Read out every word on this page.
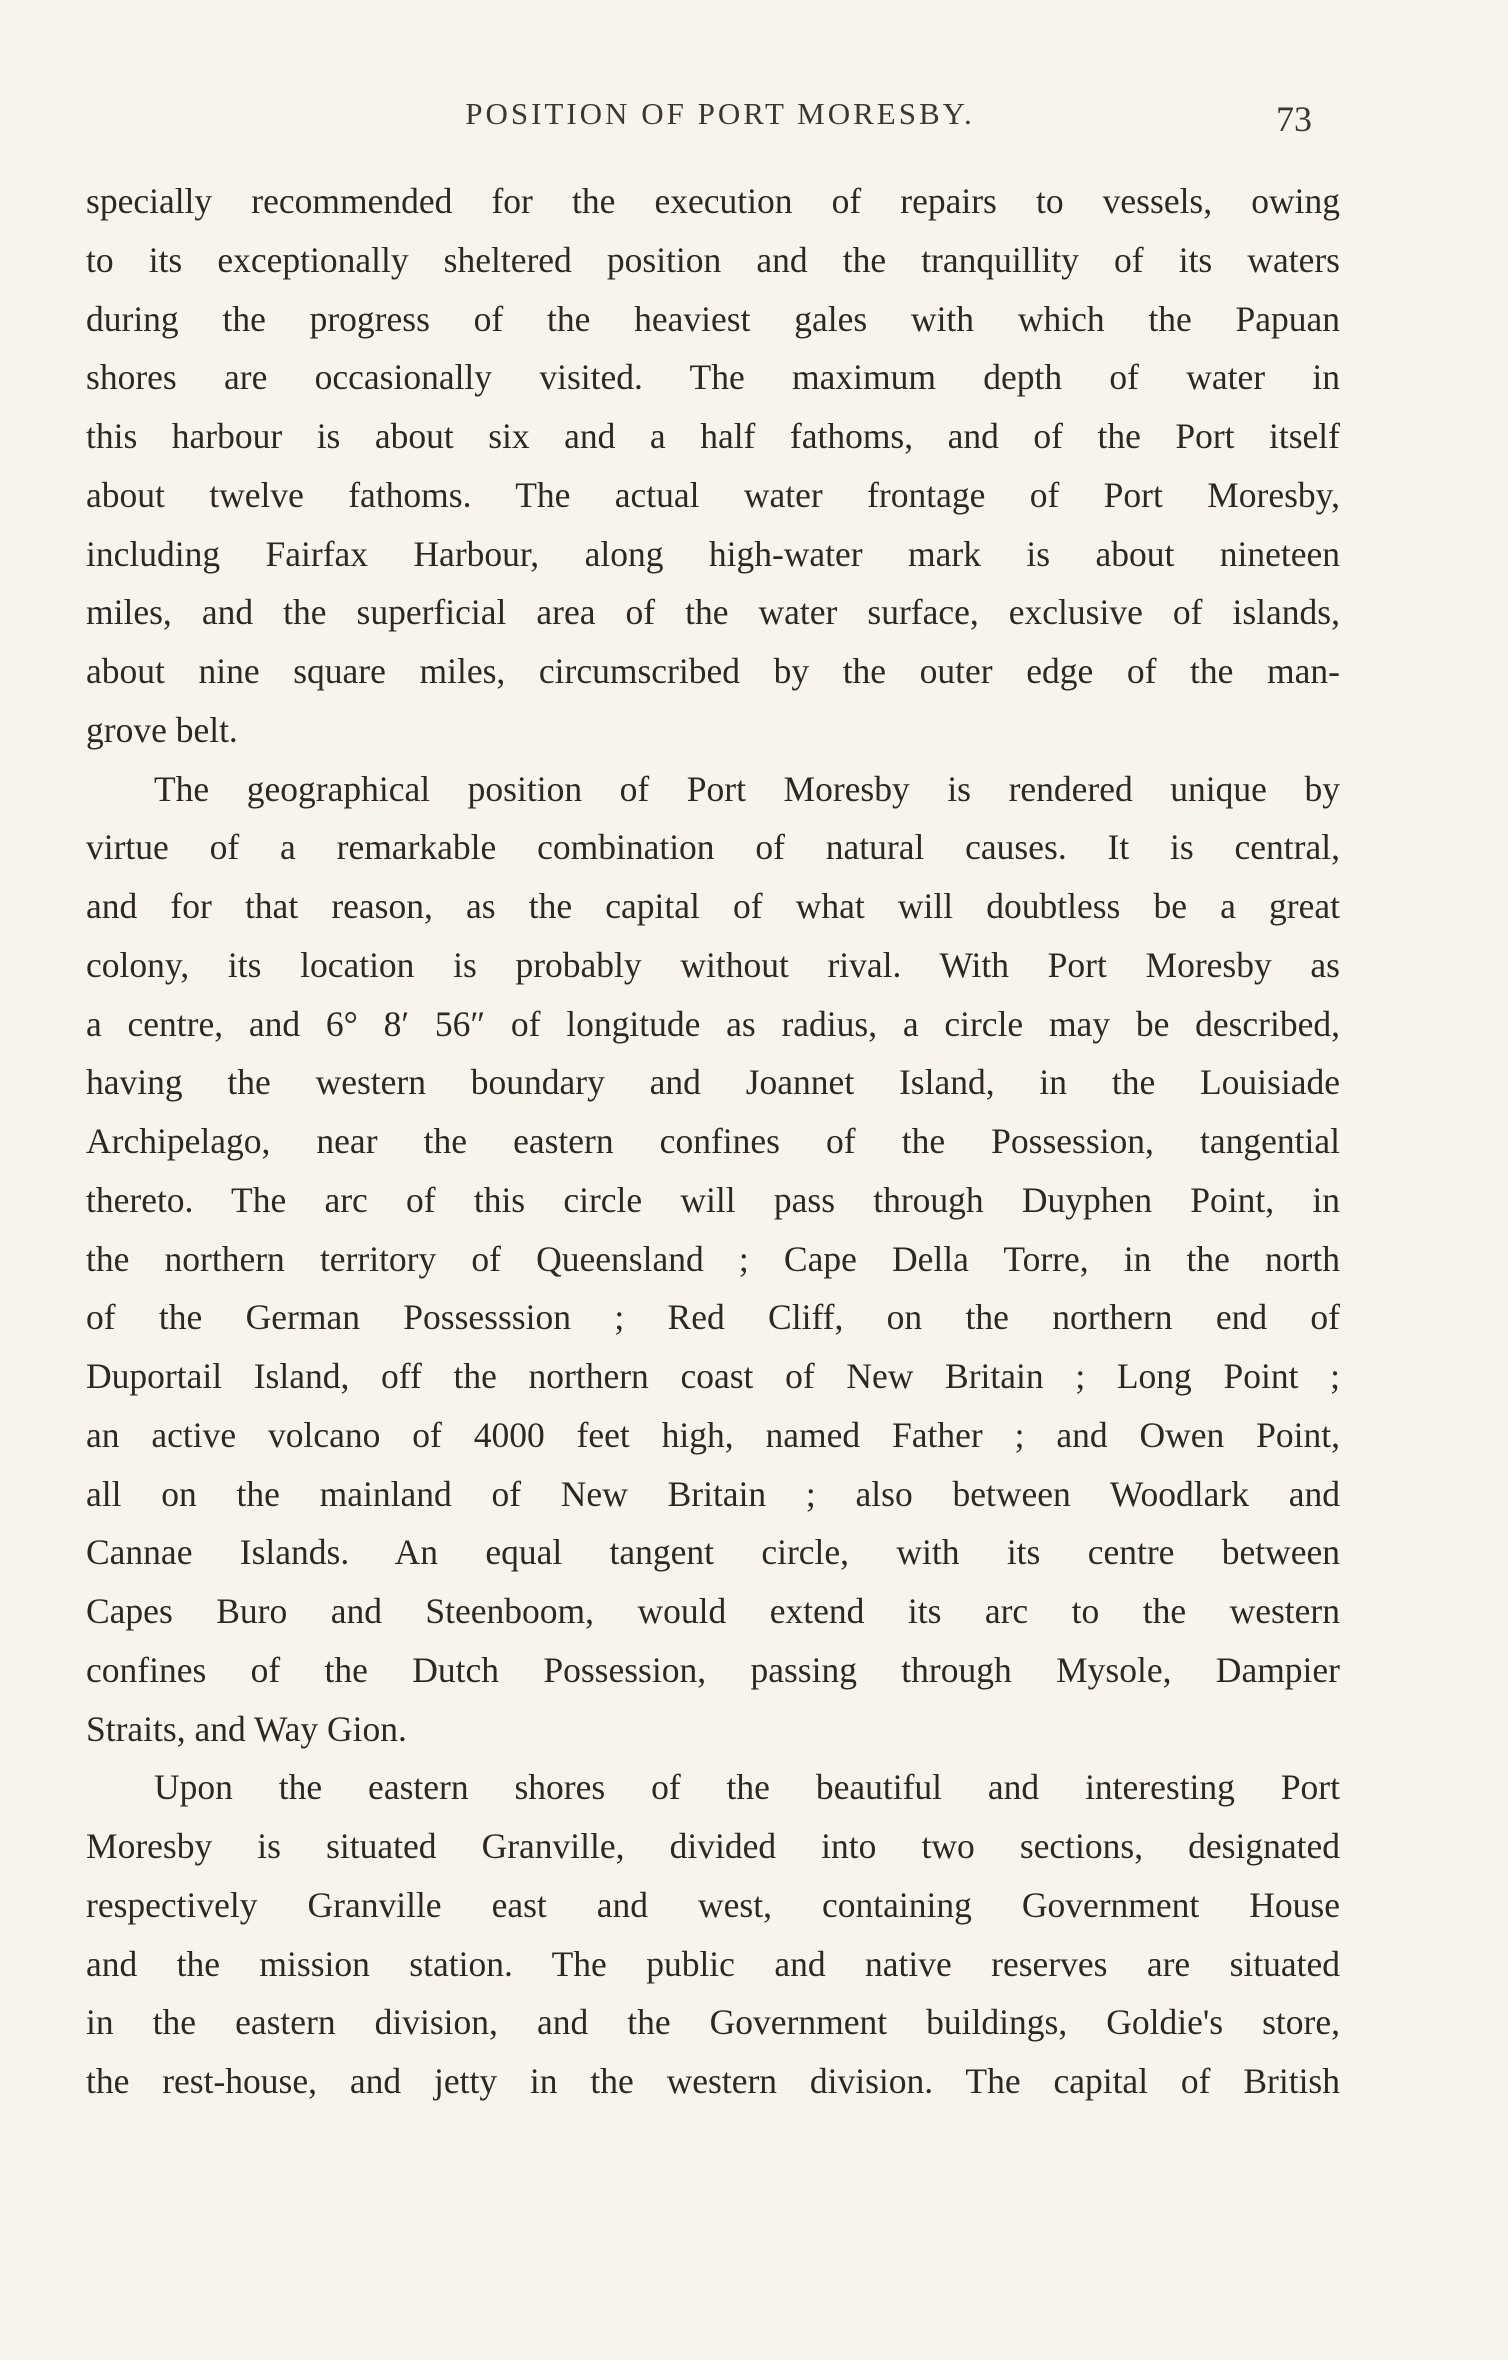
POSITION OF PORT MORESBY.	73
specially recommended for the execution of repairs to vessels, owing
to its exceptionally sheltered position and the tranquillity of its waters
during the progress of the heaviest gales with which the Papuan
shores are occasionally visited. The maximum depth of water in
this harbour is about six and a half fathoms, and of the Port itself
about twelve fathoms. The actual water frontage of Port Moresby,
including Fairfax Harbour, along high-water mark is about nineteen
miles, and the superficial area of the water surface, exclusive of islands,
about nine square miles, circumscribed by the outer edge of the man-
grove belt.
The geographical position of Port Moresby is rendered unique by
virtue of a remarkable combination of natural causes. It is central,
and for that reason, as the capital of what will doubtless be a great
colony, its location is probably without rival. With Port Moresby as
a centre, and 6° 8′ 56″ of longitude as radius, a circle may be described,
having the western boundary and Joannet Island, in the Louisiade
Archipelago, near the eastern confines of the Possession, tangential
thereto. The arc of this circle will pass through Duyphen Point, in
the northern territory of Queensland ; Cape Della Torre, in the north
of the German Possesssion ; Red Cliff, on the northern end of
Duportail Island, off the northern coast of New Britain ; Long Point ;
an active volcano of 4000 feet high, named Father ; and Owen Point,
all on the mainland of New Britain ; also between Woodlark and
Cannae Islands. An equal tangent circle, with its centre between
Capes Buro and Steenboom, would extend its arc to the western
confines of the Dutch Possession, passing through Mysole, Dampier
Straits, and Way Gion.
Upon the eastern shores of the beautiful and interesting Port
Moresby is situated Granville, divided into two sections, designated
respectively Granville east and west, containing Government House
and the mission station. The public and native reserves are situated
in the eastern division, and the Government buildings, Goldie's store,
the rest-house, and jetty in the western division. The capital of British
